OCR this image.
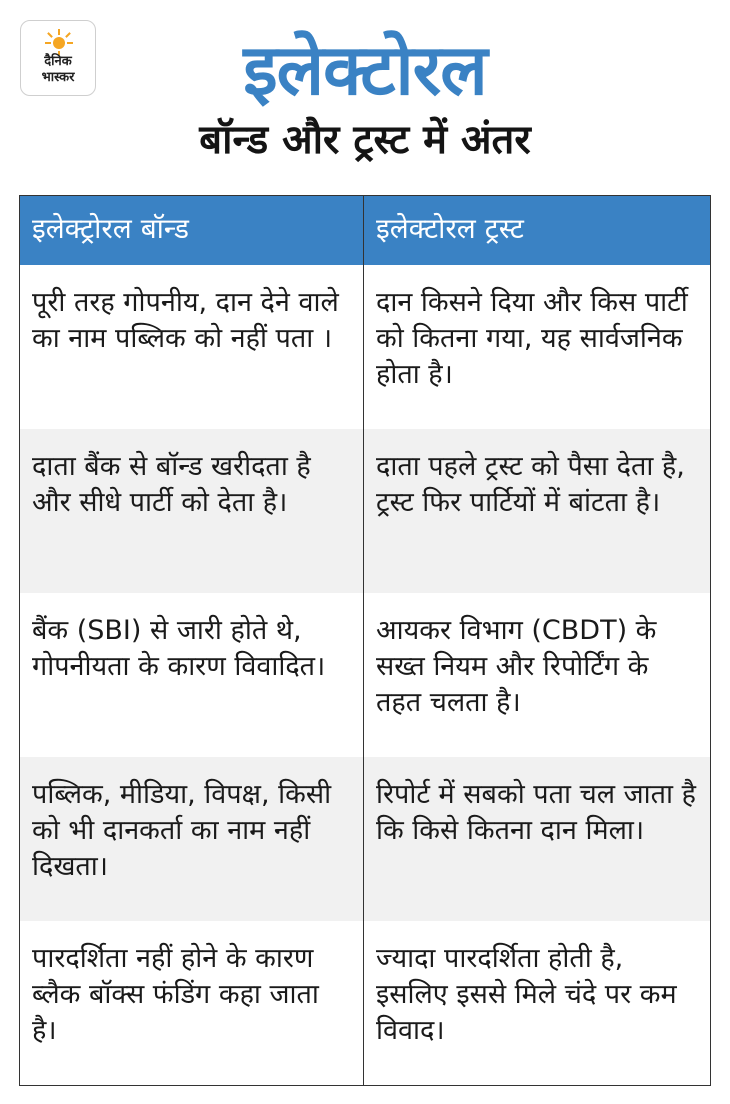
दैनिक
भास्कर	इलेक्टोरल
बॉन्ड और ट्रस्ट में अंतर
इलेक्ट्रोरल बॉन्ड	इलेक्टोरल ट्रस्ट
पूरी तरह गोपनीय, दान देने वाले का नाम पब्लिक को नहीं पता ।
दान किसने दिया और किस पार्टी को कितना गया, यह सार्वजनिक होता है।
दाता बैंक से बॉन्ड खरीदता है और सीधे पार्टी को देता है।
दाता पहले ट्रस्ट को पैसा देता है, ट्रस्ट फिर पार्टियों में बांटता है।
बैंक (SBI) से जारी होते थे, गोपनीयता के कारण विवादित।
आयकर विभाग (CBDT) के सख्त नियम और रिपोर्टिंग के तहत चलता है।
पब्लिक, मीडिया, विपक्ष, किसी को भी दानकर्ता का नाम नहीं दिखता।
रिपोर्ट में सबको पता चल जाता है कि किसे कितना दान मिला।
पारदर्शिता नहीं होने के कारण ब्लैक बॉक्स फंडिंग कहा जाता है।
ज्यादा पारदर्शिता होती है, इसलिए इससे मिले चंदे पर कम विवाद।
